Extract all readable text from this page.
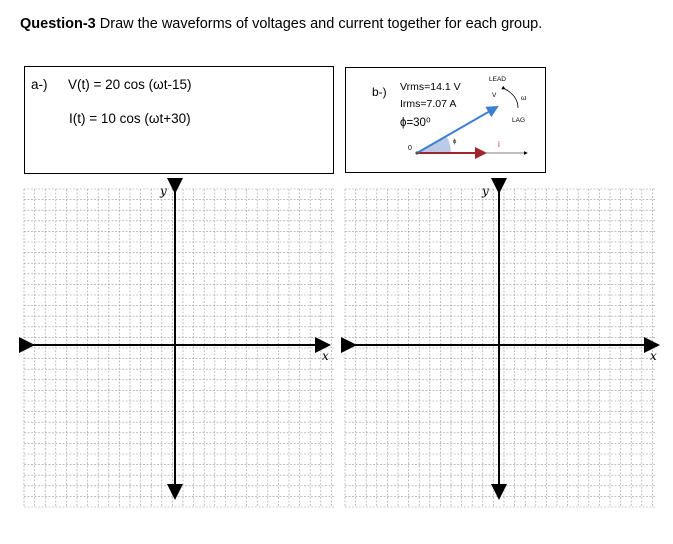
Question-3 Draw the waveforms of voltages and current together for each group.
a-) V(t) = 20 cos (ωt-15)
I(t) = 10 cos (ωt+30)
b-) Vrms=14.1 V
Irms=7.07 A
ϕ=30⁰
LEAD
LAG
V
i
ω
0
ϕ
y
x
y
x
